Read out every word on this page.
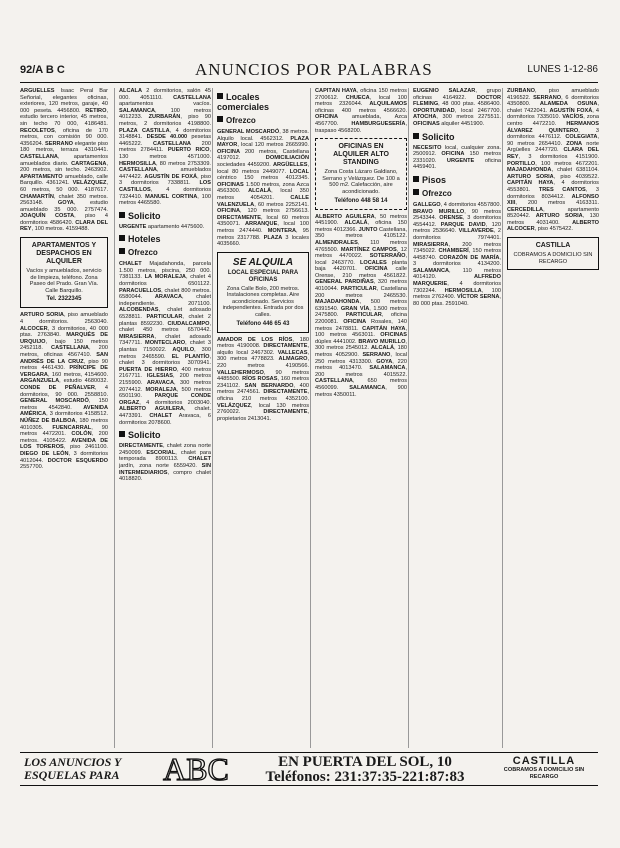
92/A B C	ANUNCIOS POR PALABRAS	LUNES 1-12-86
ARGÜELLES Isaac Peral Bar Señorial, elegantes oficinas, exteriores, 120 metros, garaje, 40 000 peseta. 4456800. RETIRO, estudio tercero interior, 45 metros, sin techo 70 000, 4186481. RECOLETOS, oficina de 170 metros, con comisión 90 000. 4356204. SERRANO elegante piso 180 metros, terraza 4310441. CASTELLANA, apartamentos amueblados diario. CARTAGENA, 200 metros, sin techo. 2463902. APARTAMENTO amueblado, calle Barquillo. 4361241. VELÁZQUEZ, 60 metros, 50 000. 4187617. CHAMARTÍN, chalet 350 metros. 2563148. GOYA, estudio amueblado 35 000. 2757474. JOAQUÍN COSTA, piso 4 dormitorios 4586420. CLARA DEL REY, 100 metros. 4159488.
APARTAMENTOS Y DESPACHOS EN ALQUILER
Vacíos y amueblados, servicio de limpieza, teléfono. Zona Paseo del Prado. Gran Vía. Calle Barquillo.
Tel. 2322345
ARTURO SORIA, piso amueblado 4 dormitorios. 2563040. ALCOCER, 3 dormitorios, 40 000 ptas. 2763840. MARQUÉS DE URQUIJO, bajo 150 metros 2452118. CASTELLANA, 200 metros, oficinas 4567410. SAN ANDRÉS DE LA CRUZ, piso 90 metros 4461430. PRÍNCIPE DE VERGARA, 160 metros, 4154600. ARGANZUELA, estudio 4680032. CONDE DE PEÑALVER, 4 dormitorios, 90 000. 2558810. GENERAL MOSCARDÓ, 150 metros 4542840. AVENIDA AMÉRICA, 3 dormitorios 4158512. NÚÑEZ DE BALBOA, 180 metros 4010305. FUENCARRAL, 90 metros 4472201. COLÓN, 200 metros. 4105422. AVENIDA DE LOS TOREROS, piso 2461100. DIEGO DE LEÓN, 3 dormitorios 4012044. DOCTOR ESQUERDO 2557700.
ALCALÁ 2 dormitorios, salón 45 000. 4051110. CASTELLANA apartamentos vacíos. SALAMANCA, 100 metros 4012233. ZURBARÁN, piso 90 metros, 2 dormitorios 4198800. PLAZA CASTILLA, 4 dormitorios 3148841. DESDE 40.000 pesetas 4465222. CASTELLANA 200 metros 2784411. PUERTO RICO, 130 metros 4571000. HERMOSILLA, 80 metros 2753309. CASTELLANA, amueblados 4474422. AGUSTÍN DE FOXÁ, piso 3 dormitorios 7338811. LOS CASTILLOS, 4 dormitorios 7324410. MANUEL CORTINA, 100 metros 4465580.
Solicito
URGENTE apartamento 4475600.
Hoteles
Ofrezco
CHALET Majadahonda, parcela 1.500 metros, piscina, 250 000. 7381133. LA MORALEJA, chalet 4 dormitorios 6501122. PARACUELLOS, chalet 800 metros. 6580044. ARAVACA, chalet independiente. 2071100. ALCOBENDAS, chalet adosado 6528811. PARTICULAR, chalet 2 plantas 8592230. CIUDALCAMPO, chalet 450 metros 6570442. MIRASIERRA, chalet adosado 7347711. MONTECLARO, chalet 3 plantas 7150022. AQUILO, 300 metros 2465590. EL PLANTÍO, chalet 3 dormitorios 3070941. PUERTA DE HIERRO, 400 metros 2167711. IGLESIAS, 200 metros 2155900. ARAVACA, 300 metros 2074412. MORALEJA, 500 metros 6501190. PARQUE CONDE ORGAZ, 4 dormitorios 2003040. ALBERTO AGUILERA, chalet. 4473391. CHALET Aravaca, 6 dormitorios 2078600.
Solicito
DIRECTAMENTE, chalet zona norte 2450099. ESCORIAL, chalet para temporada 8900113. CHALET jardín, zona norte 6559420. SIN INTERMEDIARIOS, compro chalet 4018820.
Locales comerciales
Ofrezco
GENERAL MOSCARDÓ, 38 metros. Alquilo local. 4562312. PLAZA MAYOR, local 120 metros 2665990. OFICINA 200 metros, Castellana 4197012. DOMICILIACIÓN sociedades 4459200. ARGÜELLES, local 80 metros 2449077. LOCAL céntrico 150 metros 4012345. OFICINAS 1.500 metros, zona Azca 4563300. ALCALÁ, local 350 metros 4054201. CALLE VALENZUELA, 60 metros 2252141. OFICINA, 120 metros 2756613. DIRECTAMENTE, local 60 metros 4350071. ARRANQUE, local 100 metros 2474440. MONTERA, 95 metros 2317788. PLAZA 3 locales 4035660.
SE ALQUILA
LOCAL ESPECIAL PARA OFICINAS
Zona Calle Bolo, 200 metros. Instalaciones completas. Aire acondicionado. Servicios independientes. Entrada por dos calles.
Teléfono 446 65 43
AMADOR DE LOS RÍOS, 180 metros 4190008. DIRECTAMENTE, alquilo local 2467302. VALLECAS, 300 metros 4778823. ALMAGRO, 220 metros 4190566. VALLEHERMOSO, 90 metros 4485500. RÍOS ROSAS, 160 metros 2341102. SAN BERNARDO, 400 metros 2474561. DIRECTAMENTE, oficina 210 metros 4352100. VELÁZQUEZ, local 130 metros 2760022. DIRECTAMENTE, propietarios 2413041.
CAPITÁN HAYA, oficina 150 metros 2700612. CHUECA, local 100 metros 2326044. ALQUILAMOS oficinas 400 metros 4566620. OFICINA amueblada, Azca 4567700. HAMBURGUESERÍA, traspaso 4568200.
OFICINAS EN ALQUILER ALTO STANDING
Zona Costa Lázaro Galdiano, Serrano y Velázquez. De 100 a 500 m2. Calefacción, aire acondicionado.
Teléfono 448 58 14
ALBERTO AGUILERA, 50 metros 4451900. ALCALÁ, oficina 150 metros 4012366. JUNTO Castellana, 350 metros 4105122. ALMENDRALES, 110 metros 4765500. MARTÍNEZ CAMPOS, 12 metros 4470022. SOTERRAÑO, local 2463770. LOCALES planta baja 4420701. OFICINA calle Orense, 210 metros 4561822. GENERAL PARDIÑAS, 320 metros 4010044. PARTICULAR, Castellana 200 metros 2465530. MAJADAHONDA, 500 metros 6391540. GRAN VÍA, 1.500 metros 2475800. PARTICULAR, oficina 2200081. OFICINA Rosales, 140 metros 2478811. CAPITÁN HAYA, 100 metros 4563011. OFICINAS dúplex 4441002. BRAVO MURILLO, 300 metros 2545012. ALCALÁ, 180 metros 4052900. SERRANO, local 250 metros 4313300. GOYA, 220 metros 4013470. SALAMANCA, 200 metros 4015522. CASTELLANA, 650 metros 4560099. SALAMANCA, 900 metros 4350011.
EUGENIO SALAZAR, grupo oficinas 4164922. DOCTOR FLEMING, 48 000 ptas. 4586400. OPORTUNIDAD, local 2467700. ATOCHA, 300 metros 2275511. OFICINAS alquiler 4451900.
Solicito
NECESITO local, cualquier zona. 2500912. OFICINA 150 metros 2331020. URGENTE oficina 4459401.
Pisos
Ofrezco
GALLEGO, 4 dormitorios 4557800. BRAVO MURILLO, 90 metros 2543344. ORENSE, 3 dormitorios 4554412. PARQUE DAVID, 120 metros 2536640. VILLAVERDE, 2 dormitorios 7974401. MIRASIERRA, 200 metros 7345022. CHAMBERÍ, 150 metros 4458740. CORAZÓN DE MARÍA, 3 dormitorios 4134200. SALAMANCA, 110 metros 4014120. ALFREDO MARQUERIE, 4 dormitorios 7302244. HERMOSILLA, 100 metros 2762400. VÍCTOR SERNA, 80 000 ptas. 2591040.
ZURBANO, piso amueblado 4196522. SERRANO, 6 dormitorios 4350800. ALAMEDA OSUNA, chalet 7422041. AGUSTÍN FOXÁ, 4 dormitorios 7335010. VACÍOS, zona centro 4472210. HERMANOS ÁLVAREZ QUINTERO, 3 dormitorios 4476112. COLEGIATA, 90 metros 2654410. ZONA norte Argüelles 2447720. CLARA DEL REY, 3 dormitorios 4151900. PORTILLO, 100 metros 4672201. MAJADAHONDA, chalet 6381104. ARTURO SORIA, piso 4039522. CAPITÁN HAYA, 4 dormitorios 4553801. TRES CANTOS, 3 dormitorios 8034412. ALFONSO XIII, 200 metros 4163311. CERCEDILLA, apartamento 8520442. ARTURO SORIA, 130 metros 4031400. ALBERTO ALCOCER, piso 4575422.
CASTILLA
COBRAMOS A DOMICILIO SIN RECARGO
LOS ANUNCIOS Y ESQUELAS PARA	ABC	EN PUERTA DEL SOL, 10
Teléfonos: 231:37:35-221:87:83
CASTILLA
COBRAMOS A DOMICILIO SIN RECARGO
